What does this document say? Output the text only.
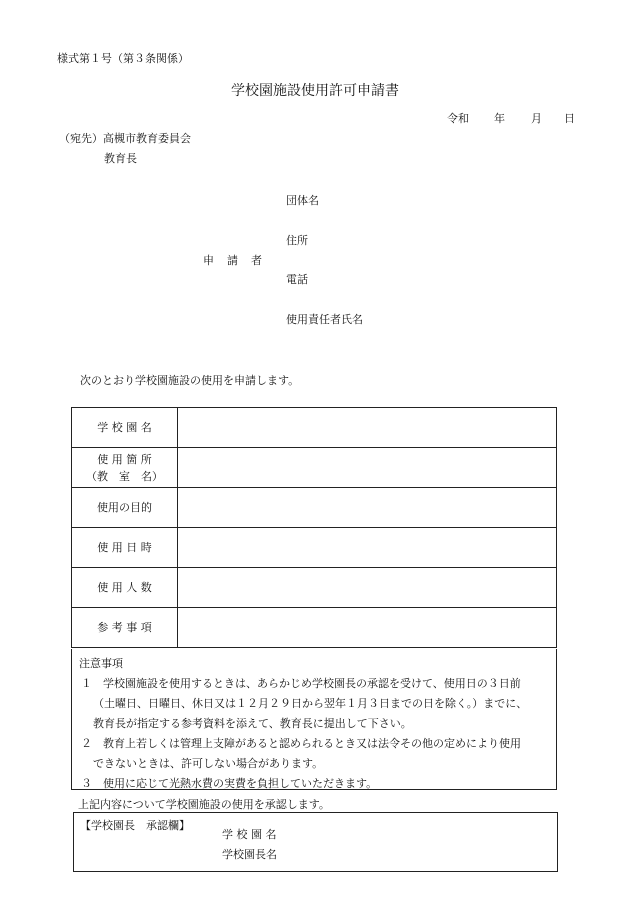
様式第１号（第３条関係）
学校園施設使用許可申請書
令和 年 月 日
（宛先）高槻市教育委員会
教育長
申　請　者
団体名
住所
電話
使用責任者氏名
次のとおり学校園施設の使用を申請します。
学 校 園 名	
使 用 箇 所
（教　室　名）	
使用の目的	
使 用 日 時	
使 用 人 数	
参 考 事 項	
注意事項
１　学校園施設を使用するときは、あらかじめ学校園長の承認を受けて、使用日の３日前
（土曜日、日曜日、休日又は１２月２９日から翌年１月３日までの日を除く。）までに、
教育長が指定する参考資料を添えて、教育長に提出して下さい。
２　教育上若しくは管理上支障があると認められるとき又は法令その他の定めにより使用
できないときは、許可しない場合があります。
３　使用に応じて光熱水費の実費を負担していただきます。
上記内容について学校園施設の使用を承認します。
【学校園長　承認欄】
学 校 園 名
学校園長名
